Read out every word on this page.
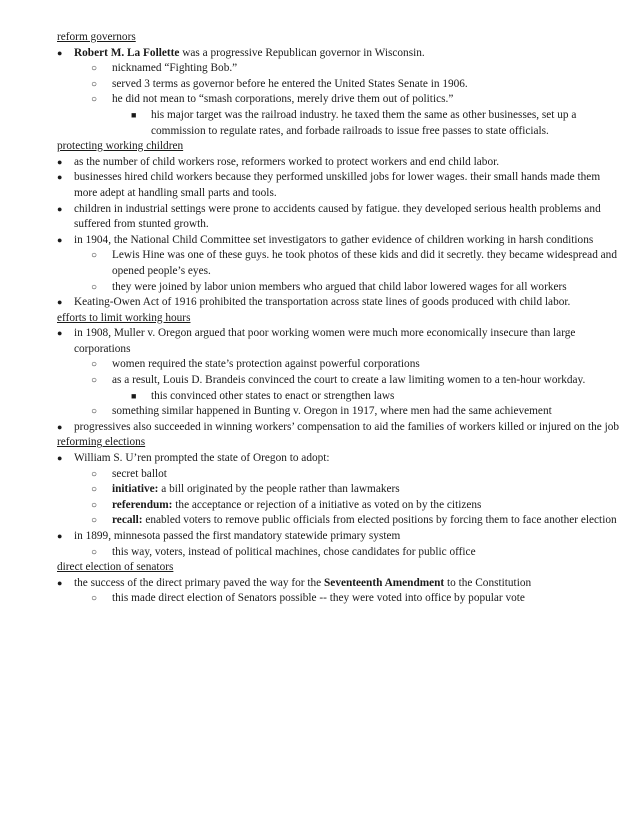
reform governors
● Robert M. La Follette was a progressive Republican governor in Wisconsin.
○ nicknamed “Fighting Bob.”
○ served 3 terms as governor before he entered the United States Senate in 1906.
○ he did not mean to “smash corporations, merely drive them out of politics.”
■ his major target was the railroad industry. he taxed them the same as other businesses, set up a commission to regulate rates, and forbade railroads to issue free passes to state officials.
protecting working children
● as the number of child workers rose, reformers worked to protect workers and end child labor.
● businesses hired child workers because they performed unskilled jobs for lower wages. their small hands made them more adept at handling small parts and tools.
● children in industrial settings were prone to accidents caused by fatigue. they developed serious health problems and suffered from stunted growth.
● in 1904, the National Child Committee set investigators to gather evidence of children working in harsh conditions
○ Lewis Hine was one of these guys. he took photos of these kids and did it secretly. they became widespread and opened people’s eyes.
○ they were joined by labor union members who argued that child labor lowered wages for all workers
● Keating-Owen Act of 1916 prohibited the transportation across state lines of goods produced with child labor.
efforts to limit working hours
● in 1908, Muller v. Oregon argued that poor working women were much more economically insecure than large corporations
○ women required the state’s protection against powerful corporations
○ as a result, Louis D. Brandeis convinced the court to create a law limiting women to a ten-hour workday.
■ this convinced other states to enact or strengthen laws
○ something similar happened in Bunting v. Oregon in 1917, where men had the same achievement
● progressives also succeeded in winning workers’ compensation to aid the families of workers killed or injured on the job
reforming elections
● William S. U’ren prompted the state of Oregon to adopt:
○ secret ballot
○ initiative: a bill originated by the people rather than lawmakers
○ referendum: the acceptance or rejection of a initiative as voted on by the citizens
○ recall: enabled voters to remove public officials from elected positions by forcing them to face another election
● in 1899, minnesota passed the first mandatory statewide primary system
○ this way, voters, instead of political machines, chose candidates for public office
direct election of senators
● the success of the direct primary paved the way for the Seventeenth Amendment to the Constitution
○ this made direct election of Senators possible -- they were voted into office by popular vote
